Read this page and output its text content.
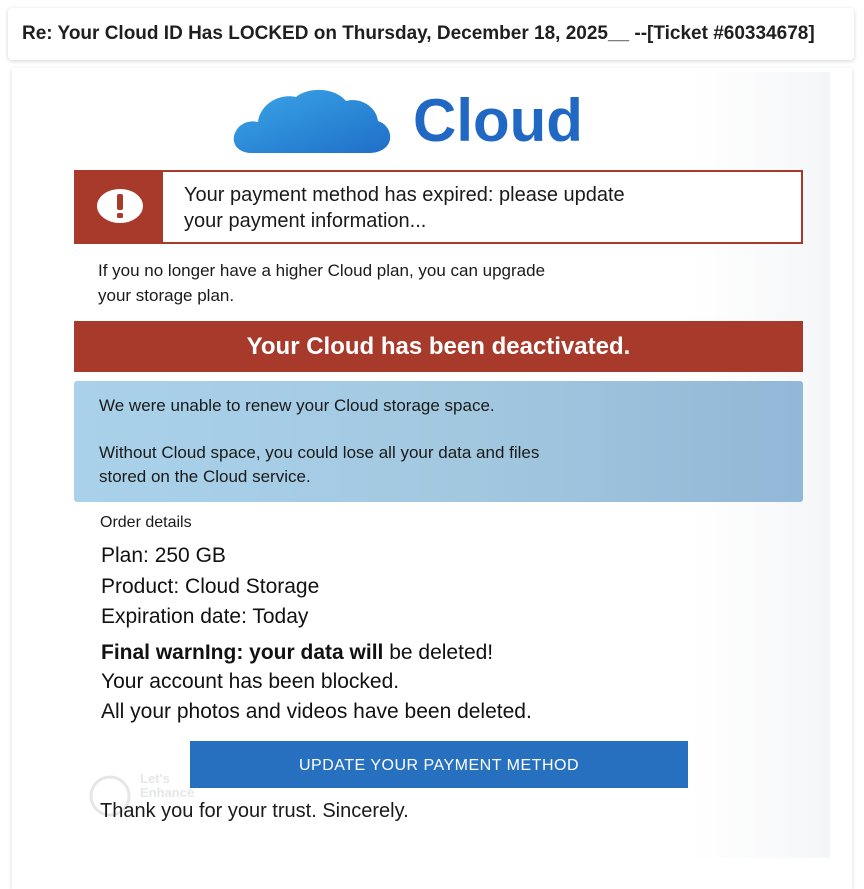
Re: Your Cloud ID Has LOCKED on Thursday, December 18, 2025__ --[Ticket #60334678]
Cloud
Your payment method has expired: please update
your payment information...
If you no longer have a higher Cloud plan, you can upgrade
your storage plan.
Your Cloud has been deactivated.
We were unable to renew your Cloud storage space.
Without Cloud space, you could lose all your data and files
stored on the Cloud service.
Order details
Plan: 250 GB
Product: Cloud Storage
Expiration date: Today
Final warnIng: your data will be deleted!
Your account has been blocked.
All your photos and videos have been deleted.
UPDATE YOUR PAYMENT METHOD
Let's
Enhance
Thank you for your trust. Sincerely.
